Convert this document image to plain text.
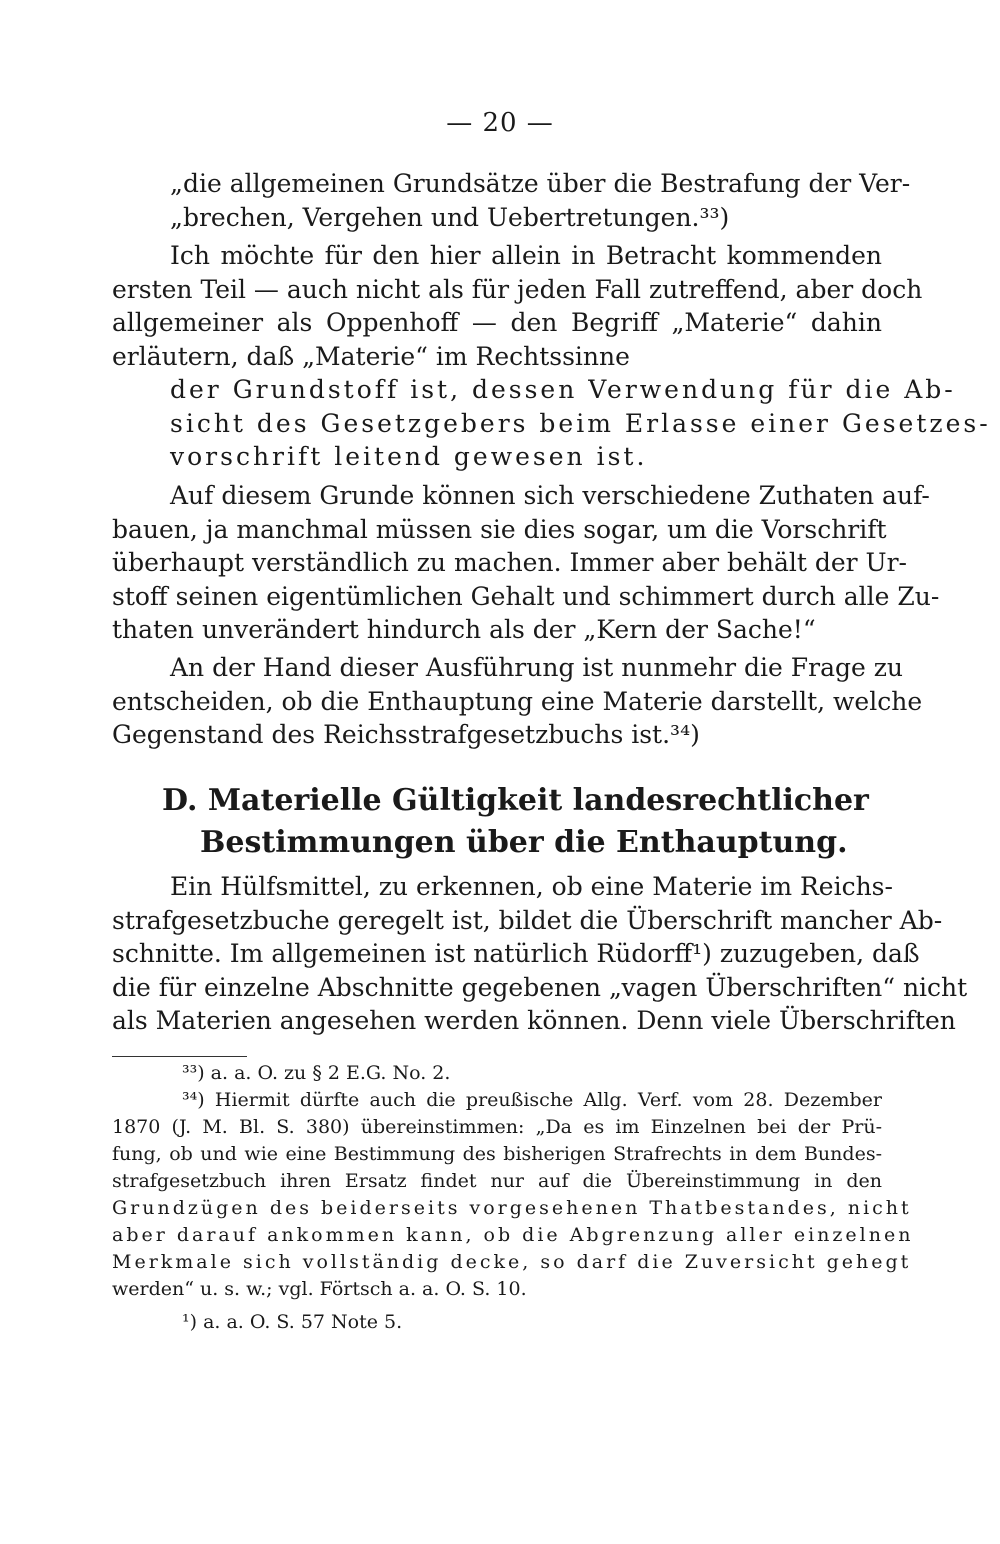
— 20 —
„die allgemeinen Grundsätze über die Bestrafung der Ver-
„brechen, Vergehen und Uebertretungen.³³)
Ich möchte für den hier allein in Betracht kommenden
ersten Teil — auch nicht als für jeden Fall zutreffend, aber doch
allgemeiner als Oppenhoff — den Begriff „Materie“ dahin
erläutern, daß „Materie“ im Rechtssinne
der Grundstoff ist, dessen Verwendung für die Ab-
sicht des Gesetzgebers beim Erlasse einer Gesetzes-
vorschrift leitend gewesen ist.
Auf diesem Grunde können sich verschiedene Zuthaten auf-
bauen, ja manchmal müssen sie dies sogar, um die Vorschrift
überhaupt verständlich zu machen. Immer aber behält der Ur-
stoff seinen eigentümlichen Gehalt und schimmert durch alle Zu-
thaten unverändert hindurch als der „Kern der Sache!“
An der Hand dieser Ausführung ist nunmehr die Frage zu
entscheiden, ob die Enthauptung eine Materie darstellt, welche
Gegenstand des Reichsstrafgesetzbuchs ist.³⁴)
D. Materielle Gültigkeit landesrechtlicher
Bestimmungen über die Enthauptung.
Ein Hülfsmittel, zu erkennen, ob eine Materie im Reichs-
strafgesetzbuche geregelt ist, bildet die Überschrift mancher Ab-
schnitte. Im allgemeinen ist natürlich Rüdorff¹) zuzugeben, daß
die für einzelne Abschnitte gegebenen „vagen Überschriften“ nicht
als Materien angesehen werden können. Denn viele Überschriften
³³) a. a. O. zu § 2 E.G. No. 2.
³⁴) Hiermit dürfte auch die preußische Allg. Verf. vom 28. Dezember
1870 (J. M. Bl. S. 380) übereinstimmen: „Da es im Einzelnen bei der Prü-
fung, ob und wie eine Bestimmung des bisherigen Strafrechts in dem Bundes-
strafgesetzbuch ihren Ersatz findet nur auf die Übereinstimmung in den
Grundzügen des beiderseits vorgesehenen Thatbestandes, nicht
aber darauf ankommen kann, ob die Abgrenzung aller einzelnen
Merkmale sich vollständig decke, so darf die Zuversicht gehegt
werden“ u. s. w.; vgl. Förtsch a. a. O. S. 10.
¹) a. a. O. S. 57 Note 5.
